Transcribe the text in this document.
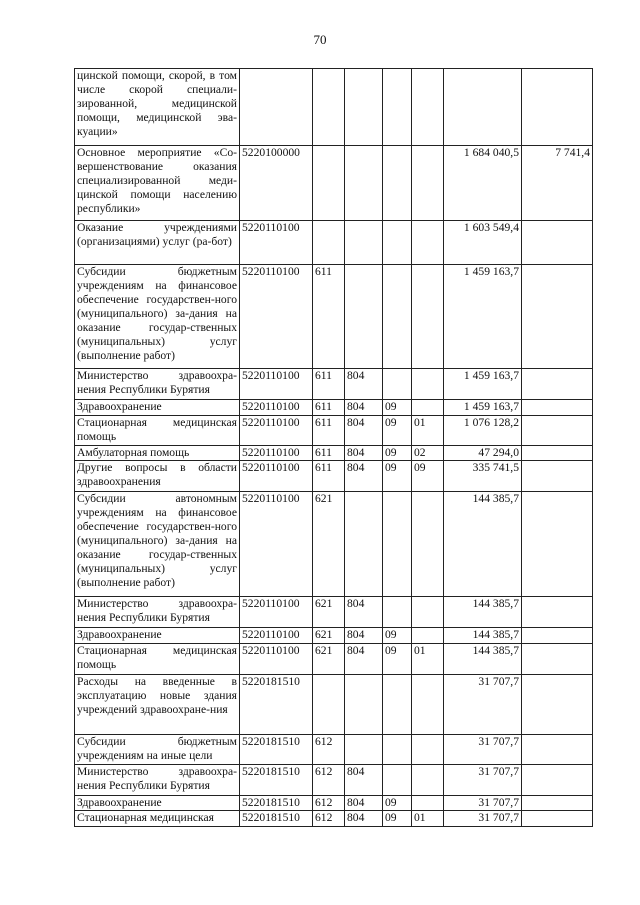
70
цинской помощи, скорой, в том числе скорой специали-зированной, медицинской помощи, медицинской эва-куации»							
Основное мероприятие «Со-вершенствование оказания специализированной меди-цинской помощи населению республики»	5220100000					1 684 040,5	7 741,4
Оказание учреждениями (организациями) услуг (ра-бот)	5220110100					1 603 549,4	
Субсидии бюджетным учреждениям на финансовое обеспечение государствен-ного (муниципального) за-дания на оказание государ-ственных (муниципальных) услуг (выполнение работ)	5220110100	611				1 459 163,7	
Министерство здравоохра-нения Республики Бурятия	5220110100	611	804			1 459 163,7	
Здравоохранение	5220110100	611	804	09		1 459 163,7	
Стационарная медицинская помощь	5220110100	611	804	09	01	1 076 128,2	
Амбулаторная помощь	5220110100	611	804	09	02	47 294,0	
Другие вопросы в области здравоохранения	5220110100	611	804	09	09	335 741,5	
Субсидии автономным учреждениям на финансовое обеспечение государствен-ного (муниципального) за-дания на оказание государ-ственных (муниципальных) услуг (выполнение работ)	5220110100	621				144 385,7	
Министерство здравоохра-нения Республики Бурятия	5220110100	621	804			144 385,7	
Здравоохранение	5220110100	621	804	09		144 385,7	
Стационарная медицинская помощь	5220110100	621	804	09	01	144 385,7	
Расходы на введенные в эксплуатацию новые здания учреждений здравоохране-ния	5220181510					31 707,7	
Субсидии бюджетным учреждениям на иные цели	5220181510	612				31 707,7	
Министерство здравоохра-нения Республики Бурятия	5220181510	612	804			31 707,7	
Здравоохранение	5220181510	612	804	09		31 707,7	
Стационарная медицинская	5220181510	612	804	09	01	31 707,7	
